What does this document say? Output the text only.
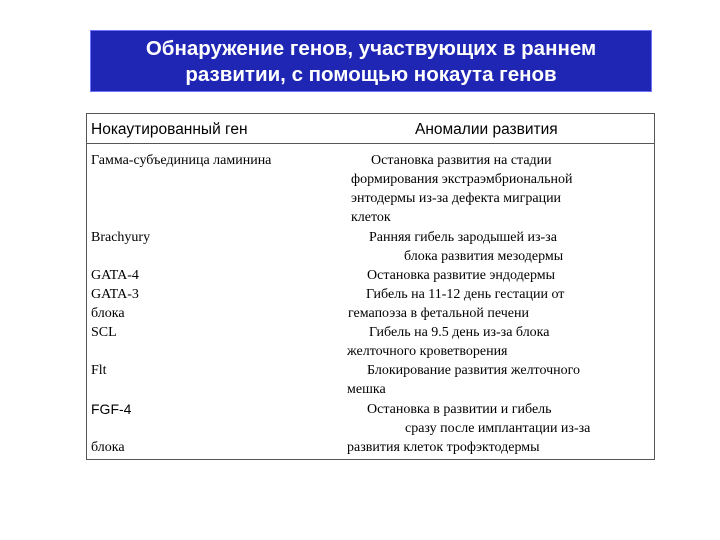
Обнаружение генов, участвующих в раннем
развитии, с помощью нокаута генов
Нокаутированный ген	Аномалии развития
Гамма-субъединица ламинина
Brachyury
GATA-4
GATA-3
блока
SCL
Flt
FGF-4
блока
Остановка развития на стадии
формирования экстраэмбриональной
энтодермы из-за дефекта миграции
клеток
Ранняя гибель зародышей из-за
блока развития мезодермы
Остановка развитие эндодермы
Гибель на 11-12 день гестации от
гемапоэза в фетальной печени
Гибель на 9.5 день из-за блока
желточного кроветворения
Блокирование развития желточного
мешка
Остановка в развитии и гибель
сразу после имплантации из-за
развития клеток трофэктодермы
